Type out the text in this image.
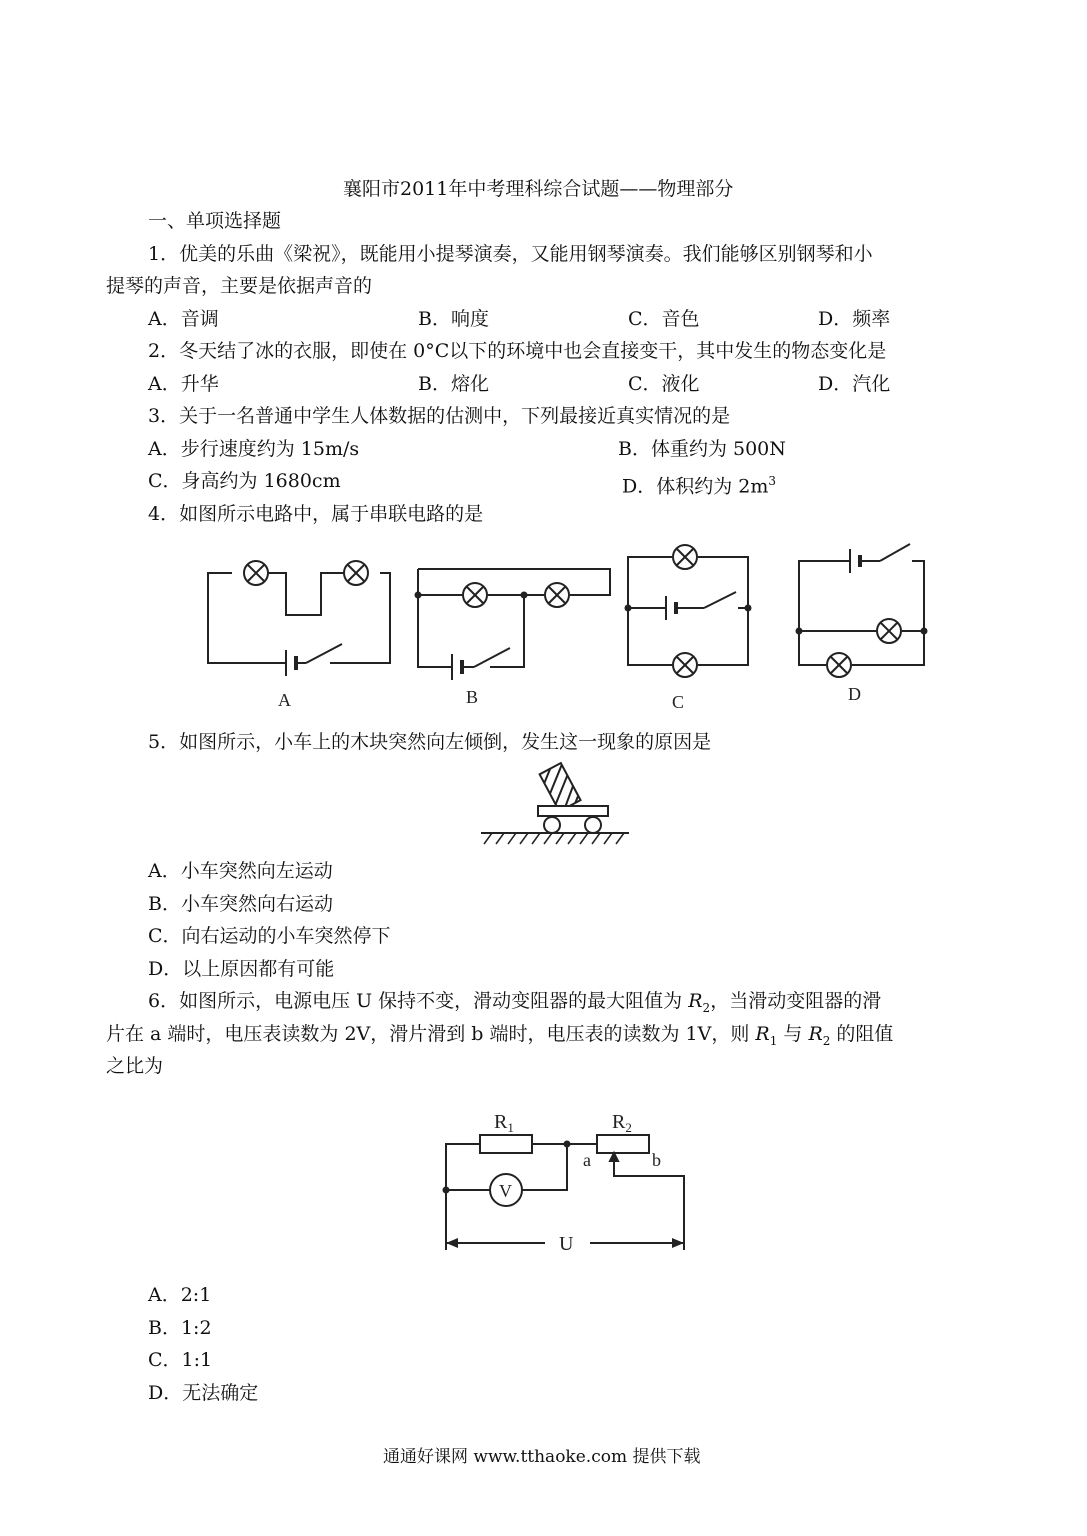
襄阳市2011年中考理科综合试题——物理部分
一、单项选择题
1．优美的乐曲《梁祝》，既能用小提琴演奏，又能用钢琴演奏。我们能够区别钢琴和小
提琴的声音，主要是依据声音的
A．音调	B．响度	C．音色	D．频率
2．冬天结了冰的衣服，即使在 0°C以下的环境中也会直接变干，其中发生的物态变化是
A．升华	B．熔化	C．液化	D．汽化
3．关于一名普通中学生人体数据的估测中，下列最接近真实情况的是
A．步行速度约为 15m/s	B．体重约为 500N
C．身高约为 1680cm	D．体积约为 $2m^3$
4．如图所示电路中，属于串联电路的是
A	B	C	D
5．如图所示，小车上的木块突然向左倾倒，发生这一现象的原因是
A．小车突然向左运动
B．小车突然向右运动
C．向右运动的小车突然停下
D．以上原因都有可能
6．如图所示，电源电压 U 保持不变，滑动变阻器的最大阻值为 $R_2$，当滑动变阻器的滑
片在 a 端时，电压表读数为 2V，滑片滑到 b 端时，电压表的读数为 1V，则 $R_1$ 与 $R_2$ 的阻值
之比为
$R_1$	$R_2$
a	b
V
U
A．2:1
B．1:2
C．1:1
D．无法确定
通通好课网 www.tthaoke.com 提供下载
